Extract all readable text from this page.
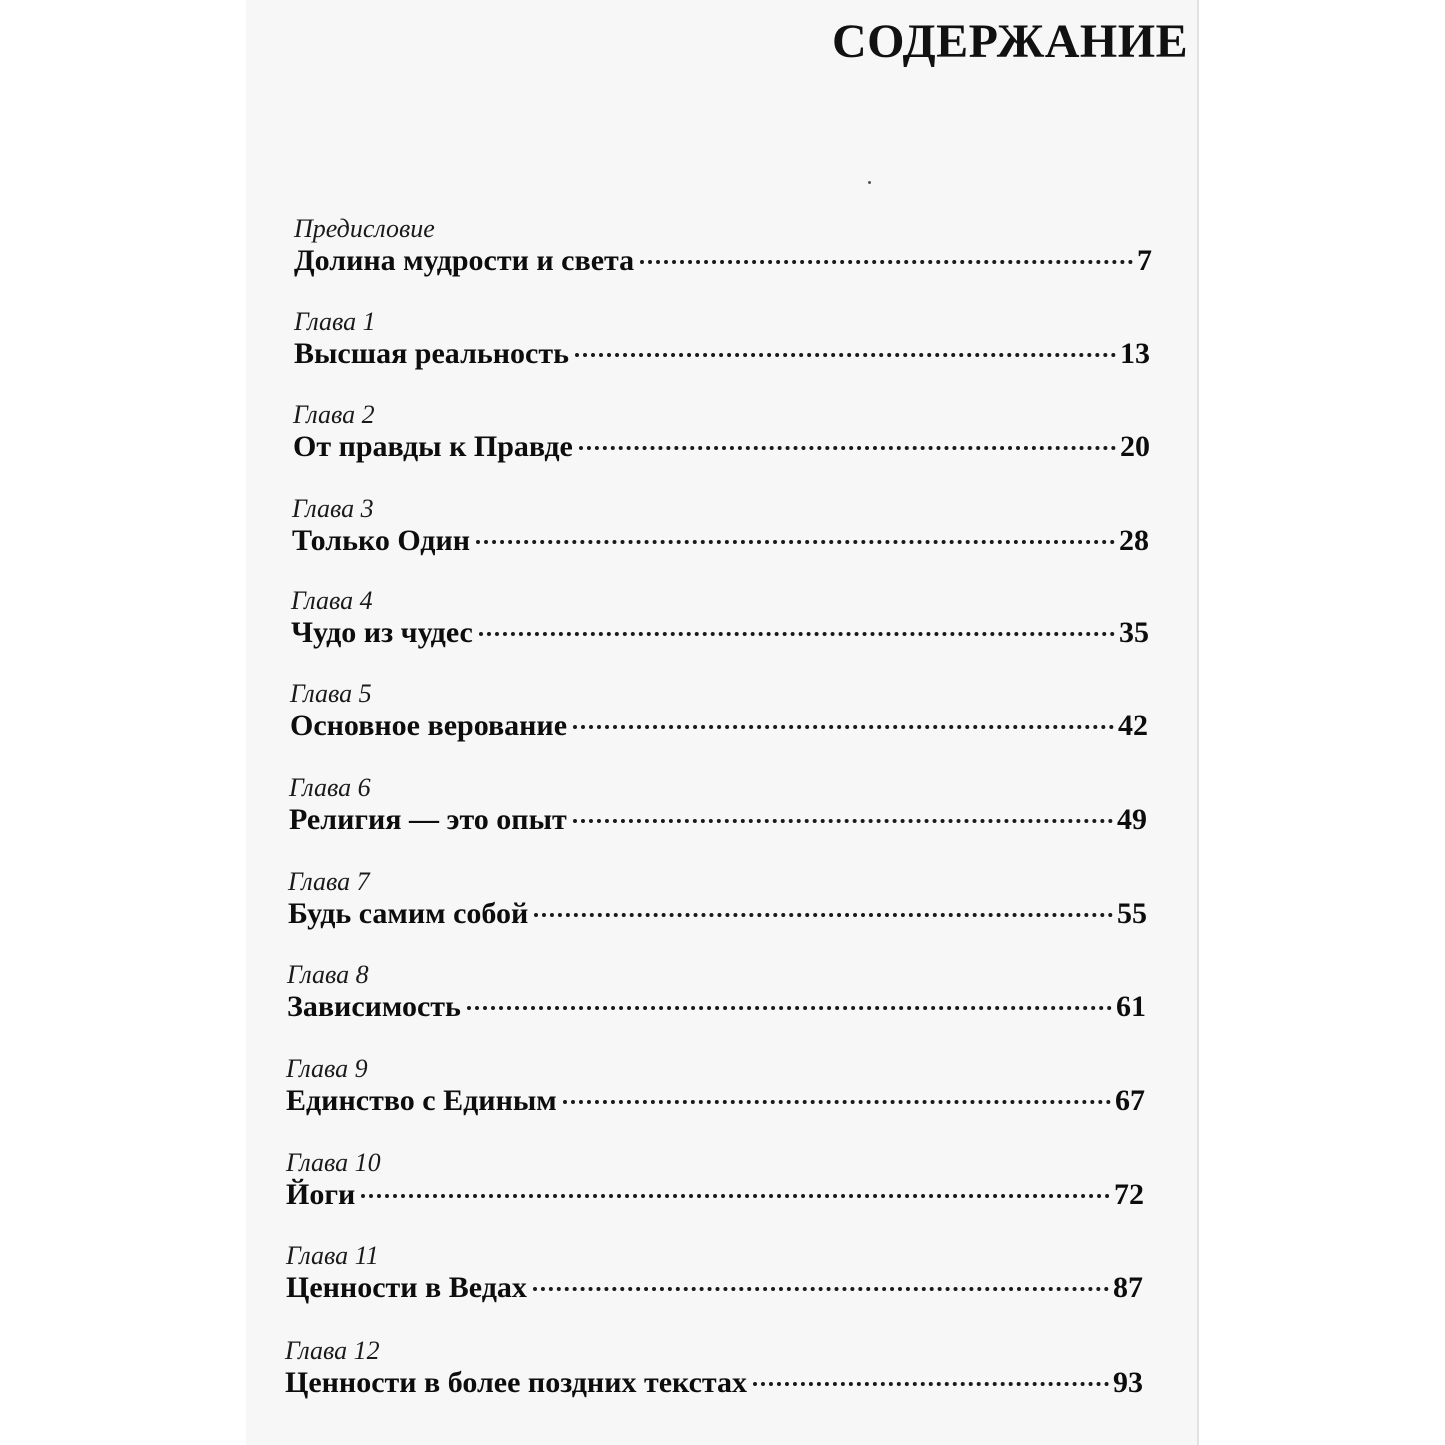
СОДЕРЖАНИЕ
Предисловие
Долина мудрости и света	7
Глава 1
Высшая реальность	13
Глава 2
От правды к Правде	20
Глава 3
Только Один	28
Глава 4
Чудо из чудес	35
Глава 5
Основное верование	42
Глава 6
Религия — это опыт	49
Глава 7
Будь самим собой	55
Глава 8
Зависимость	61
Глава 9
Единство с Единым	67
Глава 10
Йоги	72
Глава 11
Ценности в Ведах	87
Глава 12
Ценности в более поздних текстах	93
